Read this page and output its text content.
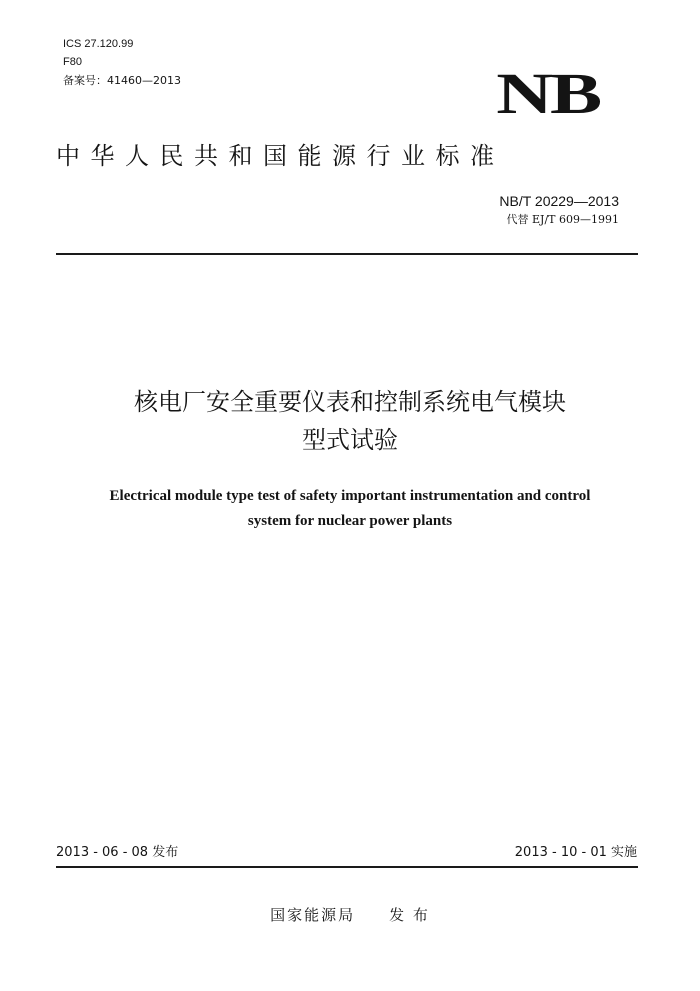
ICS 27.120.99
F80
备案号：41460—2013	NB
中华人民共和国能源行业标准
NB/T 20229—2013
代替 EJ/T 609—1991
核电厂安全重要仪表和控制系统电气模块
型式试验
Electrical module type test of safety important instrumentation and control
system for nuclear power plants
2013 - 06 - 08 发布	2013 - 10 - 01 实施
国家能源局 发 布
